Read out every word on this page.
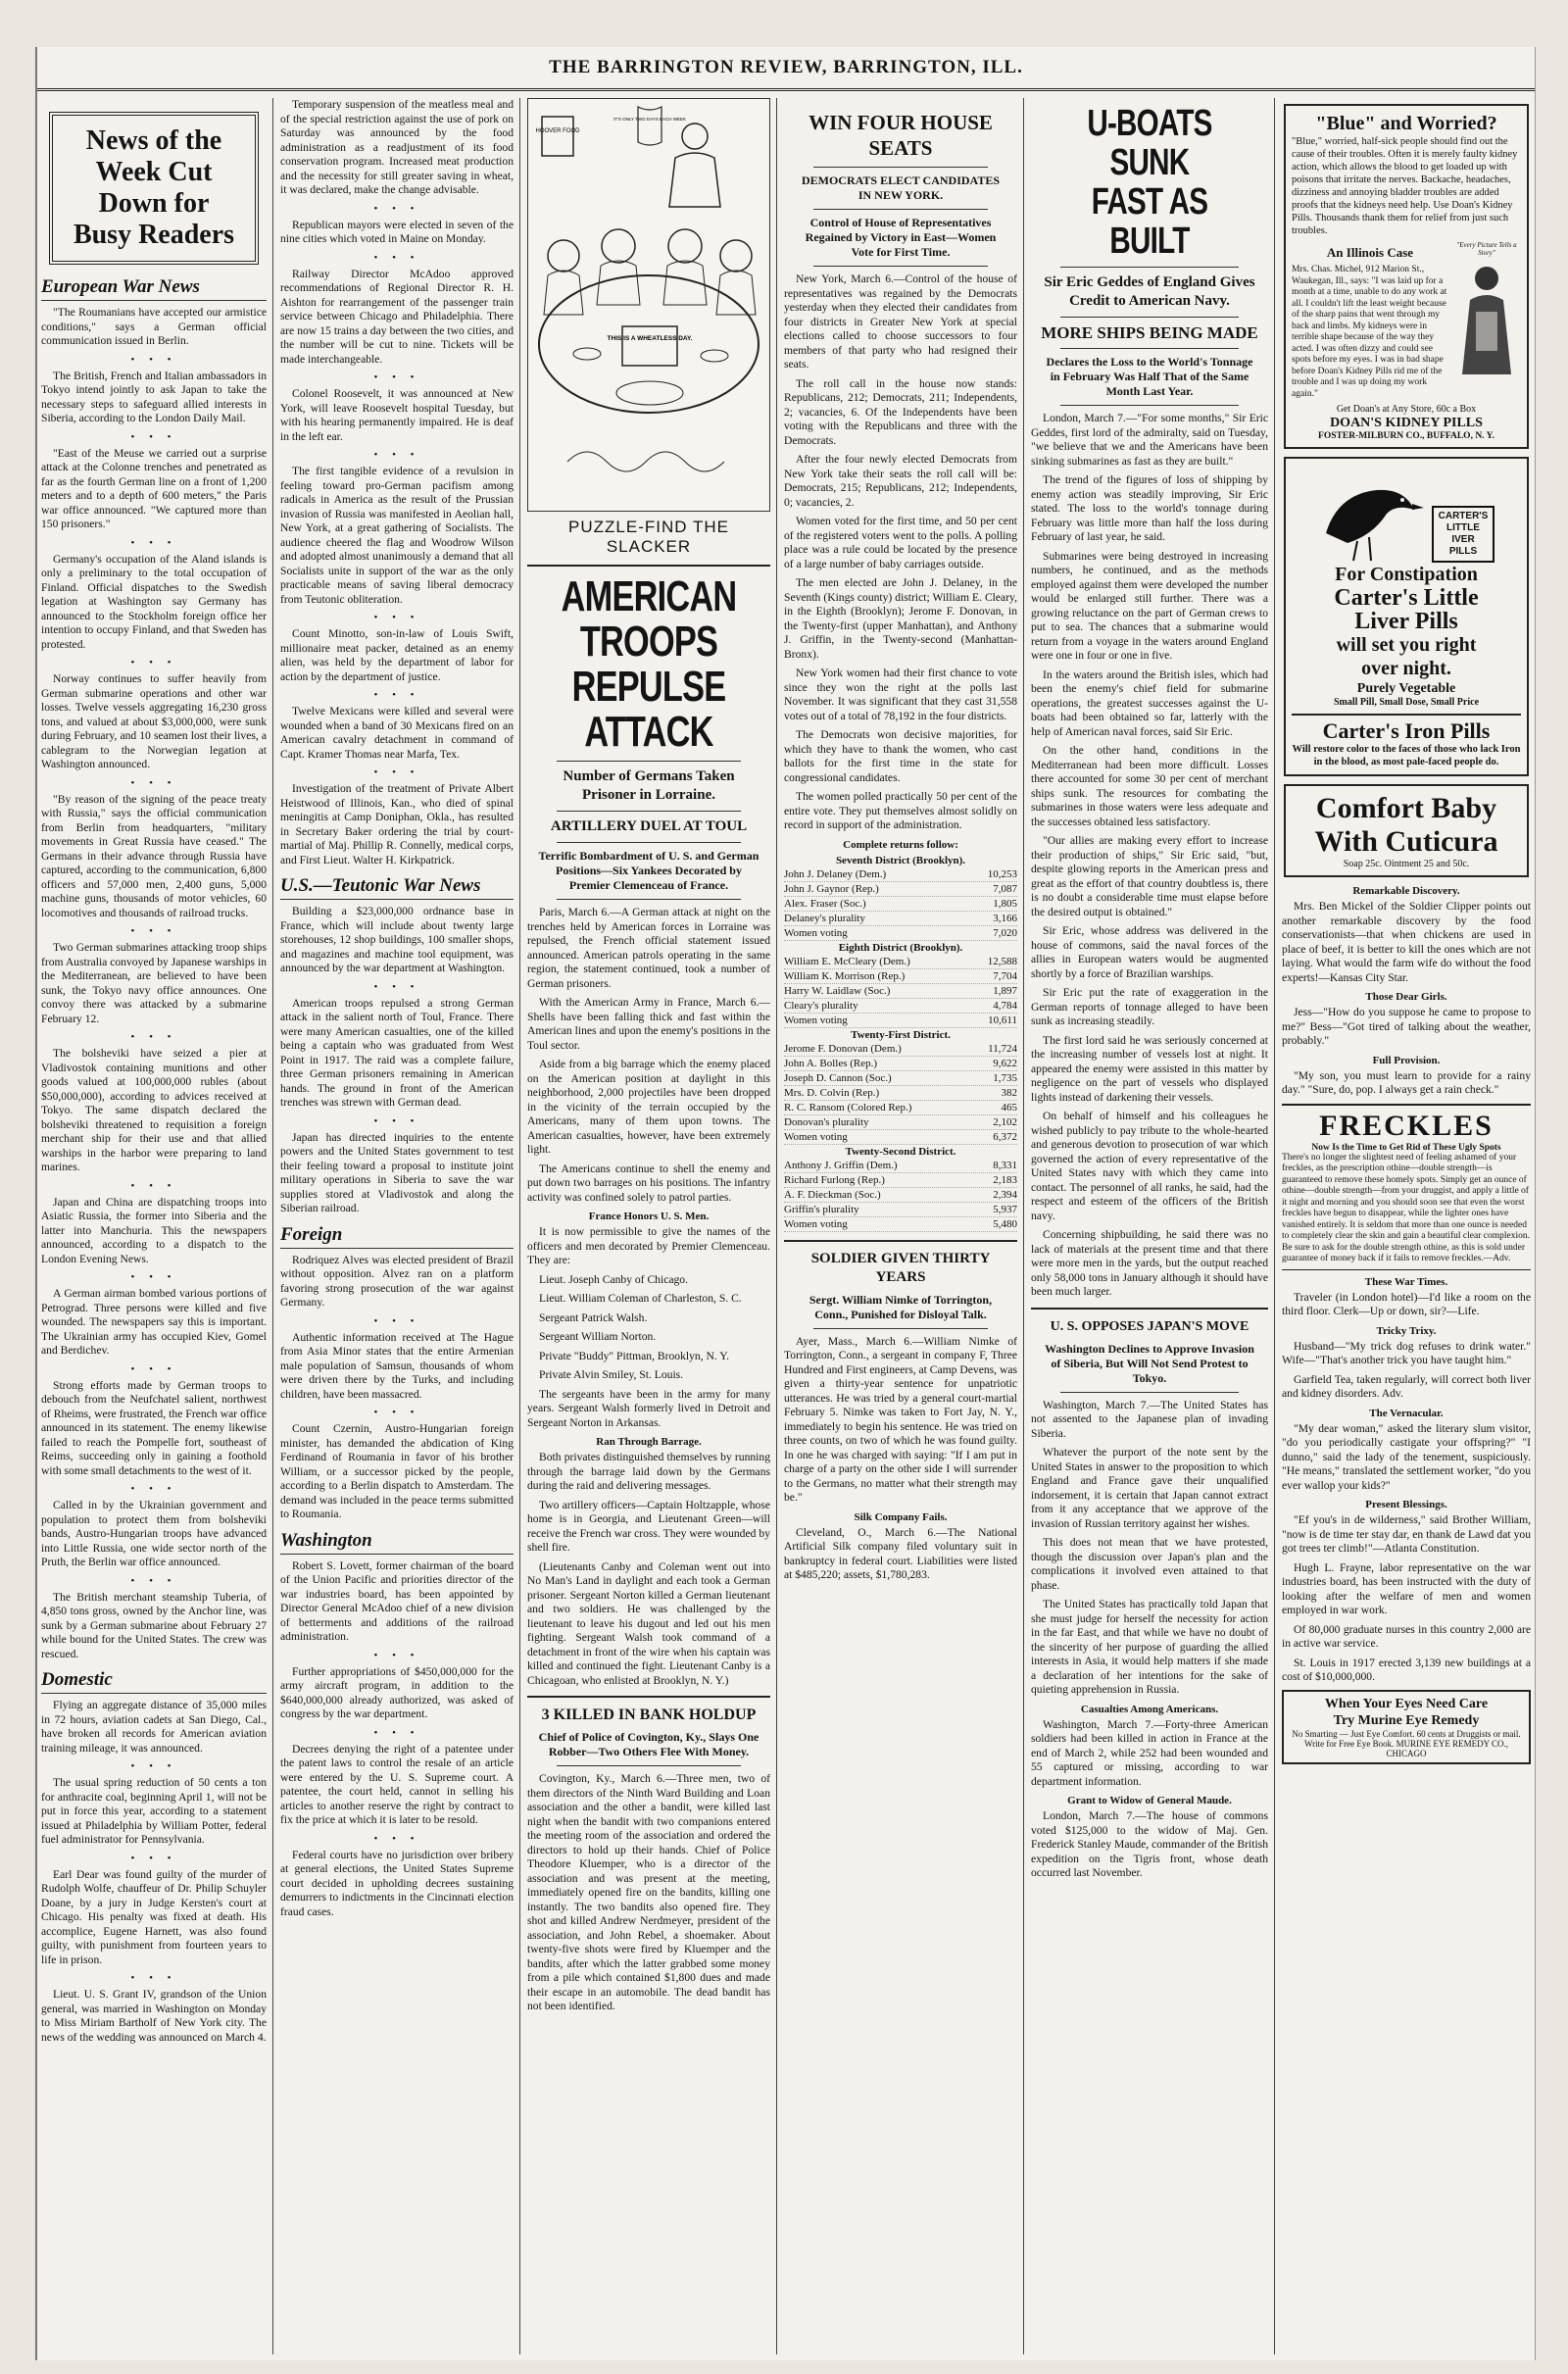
THE BARRINGTON REVIEW, BARRINGTON, ILL.
News of the
Week Cut
Down for
Busy Readers
European War News

"The Roumanians have accepted our armistice conditions," says a German official communication issued in Berlin.

• • •

The British, French and Italian ambassadors in Tokyo intend jointly to ask Japan to take the necessary steps to safeguard allied interests in Siberia, according to the London Daily Mail.

• • •

"East of the Meuse we carried out a surprise attack at the Colonne trenches and penetrated as far as the fourth German line on a front of 1,200 meters and to a depth of 600 meters," the Paris war office announced. "We captured more than 150 prisoners."

• • •

Germany's occupation of the Aland islands is only a preliminary to the total occupation of Finland. Official dispatches to the Swedish legation at Washington say Germany has announced to the Stockholm foreign office her intention to occupy Finland, and that Sweden has protested.

• • •

Norway continues to suffer heavily from German submarine operations and other war losses. Twelve vessels aggregating 16,230 gross tons, and valued at about $3,000,000, were sunk during February, and 10 seamen lost their lives, a cablegram to the Norwegian legation at Washington announced.

• • •

"By reason of the signing of the peace treaty with Russia," says the official communication from Berlin from headquarters, "military movements in Great Russia have ceased." The Germans in their advance through Russia have captured, according to the communication, 6,800 officers and 57,000 men, 2,400 guns, 5,000 machine guns, thousands of motor vehicles, 60 locomotives and thousands of railroad trucks.

• • •

Two German submarines attacking troop ships from Australia convoyed by Japanese warships in the Mediterranean, are believed to have been sunk, the Tokyo navy office announces. One convoy there was attacked by a submarine February 12.

• • •

The bolsheviki have seized a pier at Vladivostok containing munitions and other goods valued at 100,000,000 rubles (about $50,000,000), according to advices received at Tokyo. The same dispatch declared the bolsheviki threatened to requisition a foreign merchant ship for their use and that allied warships in the harbor were preparing to land marines.

• • •

Japan and China are dispatching troops into Asiatic Russia, the former into Siberia and the latter into Manchuria. This the newspapers announced, according to a dispatch to the London Evening News.

• • •

A German airman bombed various portions of Petrograd. Three persons were killed and five wounded. The newspapers say this is important. The Ukrainian army has occupied Kiev, Gomel and Berdichev.

• • •

Strong efforts made by German troops to debouch from the Neufchatel salient, northwest of Rheims, were frustrated, the French war office announced in its statement. The enemy likewise failed to reach the Pompelle fort, southeast of Reims, succeeding only in gaining a foothold with some small detachments to the west of it.

• • •

Called in by the Ukrainian government and population to protect them from bolsheviki bands, Austro-Hungarian troops have advanced into Little Russia, one wide sector north of the Pruth, the Berlin war office announced.

• • •

The British merchant steamship Tuberia, of 4,850 tons gross, owned by the Anchor line, was sunk by a German submarine about February 27 while bound for the United States. The crew was rescued.

Domestic

Flying an aggregate distance of 35,000 miles in 72 hours, aviation cadets at San Diego, Cal., have broken all records for American aviation training mileage, it was announced.

• • •

The usual spring reduction of 50 cents a ton for anthracite coal, beginning April 1, will not be put in force this year, according to a statement issued at Philadelphia by William Potter, federal fuel administrator for Pennsylvania.

• • •

Earl Dear was found guilty of the murder of Rudolph Wolfe, chauffeur of Dr. Philip Schuyler Doane, by a jury in Judge Kersten's court at Chicago. His penalty was fixed at death. His accomplice, Eugene Harnett, was also found guilty, with punishment from fourteen years to life in prison.

• • •

Lieut. U. S. Grant IV, grandson of the Union general, was married in Washington on Monday to Miss Miriam Bartholf of New York city. The news of the wedding was announced on March 4.

Temporary suspension of the meatless meal and of the special restriction against the use of pork on Saturday was announced by the food administration as a readjustment of its food conservation program. Increased meat production and the necessity for still greater saving in wheat, it was declared, make the change advisable.

• • •

Republican mayors were elected in seven of the nine cities which voted in Maine on Monday.

• • •

Railway Director McAdoo approved recommendations of Regional Director R. H. Aishton for rearrangement of the passenger train service between Chicago and Philadelphia. There are now 15 trains a day between the two cities, and the number will be cut to nine. Tickets will be made interchangeable.

• • •

Colonel Roosevelt, it was announced at New York, will leave Roosevelt hospital Tuesday, but with his hearing permanently impaired. He is deaf in the left ear.

• • •

The first tangible evidence of a revulsion in feeling toward pro-German pacifism among radicals in America as the result of the Prussian invasion of Russia was manifested in Aeolian hall, New York, at a great gathering of Socialists. The audience cheered the flag and Woodrow Wilson and adopted almost unanimously a demand that all Socialists unite in support of the war as the only practicable means of saving liberal democracy from Teutonic obliteration.

• • •

Count Minotto, son-in-law of Louis Swift, millionaire meat packer, detained as an enemy alien, was held by the department of labor for action by the department of justice.

• • •

Twelve Mexicans were killed and several were wounded when a band of 30 Mexicans fired on an American cavalry detachment in command of Capt. Kramer Thomas near Marfa, Tex.

• • •

Investigation of the treatment of Private Albert Heistwood of Illinois, Kan., who died of spinal meningitis at Camp Doniphan, Okla., has resulted in Secretary Baker ordering the trial by court-martial of Maj. Phillip R. Connelly, medical corps, and First Lieut. Walter H. Kirkpatrick.

U.S.—Teutonic War News

Building a $23,000,000 ordnance base in France, which will include about twenty large storehouses, 12 shop buildings, 100 smaller shops, and magazines and machine tool equipment, was announced by the war department at Washington.

• • •

American troops repulsed a strong German attack in the salient north of Toul, France. There were many American casualties, one of the killed being a captain who was graduated from West Point in 1917. The raid was a complete failure, three German prisoners remaining in American hands. The ground in front of the American trenches was strewn with German dead.

• • •

Japan has directed inquiries to the entente powers and the United States government to test their feeling toward a proposal to institute joint military operations in Siberia to save the war supplies stored at Vladivostok and along the Siberian railroad.

Foreign

Rodriquez Alves was elected president of Brazil without opposition. Alvez ran on a platform favoring strong prosecution of the war against Germany.

• • •

Authentic information received at The Hague from Asia Minor states that the entire Armenian male population of Samsun, thousands of whom were driven there by the Turks, and including children, have been massacred.

• • •

Count Czernin, Austro-Hungarian foreign minister, has demanded the abdication of King Ferdinand of Roumania in favor of his brother William, or a successor picked by the people, according to a Berlin dispatch to Amsterdam. The demand was included in the peace terms submitted to Roumania.

Washington

Robert S. Lovett, former chairman of the board of the Union Pacific and priorities director of the war industries board, has been appointed by Director General McAdoo chief of a new division of betterments and additions of the railroad administration.

• • •

Further appropriations of $450,000,000 for the army aircraft program, in addition to the $640,000,000 already authorized, was asked of congress by the war department.

• • •

Decrees denying the right of a patentee under the patent laws to control the resale of an article were entered by the U. S. Supreme court. A patentee, the court held, cannot in selling his articles to another reserve the right by contract to fix the price at which it is later to be resold.

• • •

Federal courts have no jurisdiction over bribery at general elections, the United States Supreme court decided in upholding decrees sustaining demurrers to indictments in the Cincinnati election fraud cases.

HOOVER FOOD
IT'S ONLY TWO DAYS EACH WEEK
THIS IS A WHEATLESS DAY.
PUZZLE-FIND THE SLACKER
AMERICAN TROOPS
REPULSE ATTACK
Number of Germans Taken Prisoner in Lorraine.
ARTILLERY DUEL AT TOUL
Terrific Bombardment of U. S. and German Positions—Six Yankees Decorated by Premier Clemenceau of France.

Paris, March 6.—A German attack at night on the trenches held by American forces in Lorraine was repulsed, the French official statement issued announced. American patrols operating in the same region, the statement continued, took a number of German prisoners.

With the American Army in France, March 6.—Shells have been falling thick and fast within the American lines and upon the enemy's positions in the Toul sector.

Aside from a big barrage which the enemy placed on the American position at daylight in this neighborhood, 2,000 projectiles have been dropped in the vicinity of the terrain occupied by the Americans, many of them upon towns. The American casualties, however, have been extremely light.

The Americans continue to shell the enemy and put down two barrages on his positions. The infantry activity was confined solely to patrol parties.

France Honors U. S. Men.

It is now permissible to give the names of the officers and men decorated by Premier Clemenceau. They are:

Lieut. Joseph Canby of Chicago.

Lieut. William Coleman of Charleston, S. C.

Sergeant Patrick Walsh.

Sergeant William Norton.

Private "Buddy" Pittman, Brooklyn, N. Y.

Private Alvin Smiley, St. Louis.

The sergeants have been in the army for many years. Sergeant Walsh formerly lived in Detroit and Sergeant Norton in Arkansas.

Ran Through Barrage.

Both privates distinguished themselves by running through the barrage laid down by the Germans during the raid and delivering messages.

Two artillery officers—Captain Holtzapple, whose home is in Georgia, and Lieutenant Green—will receive the French war cross. They were wounded by shell fire.

(Lieutenants Canby and Coleman went out into No Man's Land in daylight and each took a German prisoner. Sergeant Norton killed a German lieutenant and two soldiers. He was challenged by the lieutenant to leave his dugout and led out his men fighting. Sergeant Walsh took command of a detachment in front of the wire when his captain was killed and continued the fight. Lieutenant Canby is a Chicagoan, who enlisted at Brooklyn, N. Y.)

3 KILLED IN BANK HOLDUP
Chief of Police of Covington, Ky., Slays One Robber—Two Others Flee With Money.

Covington, Ky., March 6.—Three men, two of them directors of the Ninth Ward Building and Loan association and the other a bandit, were killed last night when the bandit with two companions entered the meeting room of the association and ordered the directors to hold up their hands. Chief of Police Theodore Kluemper, who is a director of the association and was present at the meeting, immediately opened fire on the bandits, killing one instantly. The two bandits also opened fire. They shot and killed Andrew Nerdmeyer, president of the association, and John Rebel, a shoemaker. About twenty-five shots were fired by Kluemper and the bandits, after which the latter grabbed some money from a pile which contained $1,800 dues and made their escape in an automobile. The dead bandit has not been identified.

WIN FOUR HOUSE SEATS
DEMOCRATS ELECT CANDIDATES IN NEW YORK.
Control of House of Representatives Regained by Victory in East—Women Vote for First Time.

New York, March 6.—Control of the house of representatives was regained by the Democrats yesterday when they elected their candidates from four districts in Greater New York at special elections called to choose successors to four members of that party who had resigned their seats.

The roll call in the house now stands: Republicans, 212; Democrats, 211; Independents, 2; vacancies, 6. Of the Independents have been voting with the Republicans and three with the Democrats.

After the four newly elected Democrats from New York take their seats the roll call will be: Democrats, 215; Republicans, 212; Independents, 0; vacancies, 2.

Women voted for the first time, and 50 per cent of the registered voters went to the polls. A polling place was a rule could be located by the presence of a large number of baby carriages outside.

The men elected are John J. Delaney, in the Seventh (Kings county) district; William E. Cleary, in the Eighth (Brooklyn); Jerome F. Donovan, in the Twenty-first (upper Manhattan), and Anthony J. Griffin, in the Twenty-second (Manhattan-Bronx).

New York women had their first chance to vote since they won the right at the polls last November. It was significant that they cast 31,558 votes out of a total of 78,192 in the four districts.

The Democrats won decisive majorities, for which they have to thank the women, who cast ballots for the first time in the state for congressional candidates.

The women polled practically 50 per cent of the entire vote. They put themselves almost solidly on record in support of the administration.

Complete returns follow:
Seventh District (Brooklyn).
John J. Delaney (Dem.)	10,253
John J. Gaynor (Rep.)	7,087
Alex. Fraser (Soc.)	1,805
Delaney's plurality	3,166
Women voting	7,020
Eighth District (Brooklyn).
William E. McCleary (Dem.)	12,588
William K. Morrison (Rep.)	7,704
Harry W. Laidlaw (Soc.)	1,897
Cleary's plurality	4,784
Women voting	10,611
Twenty-First District.
Jerome F. Donovan (Dem.)	11,724
John A. Bolles (Rep.)	9,622
Joseph D. Cannon (Soc.)	1,735
Mrs. D. Colvin (Rep.)	382
R. C. Ransom (Colored Rep.)	465
Donovan's plurality	2,102
Women voting	6,372
Twenty-Second District.
Anthony J. Griffin (Dem.)	8,331
Richard Furlong (Rep.)	2,183
A. F. Dieckman (Soc.)	2,394
Griffin's plurality	5,937
Women voting	5,480
SOLDIER GIVEN THIRTY YEARS
Sergt. William Nimke of Torrington, Conn., Punished for Disloyal Talk.

Ayer, Mass., March 6.—William Nimke of Torrington, Conn., a sergeant in company F, Three Hundred and First engineers, at Camp Devens, was given a thirty-year sentence for unpatriotic utterances. He was tried by a general court-martial February 5. Nimke was taken to Fort Jay, N. Y., immediately to begin his sentence. He was tried on three counts, on two of which he was found guilty. In one he was charged with saying: "If I am put in charge of a party on the other side I will surrender to the Germans, no matter what their strength may be."

Silk Company Fails.

Cleveland, O., March 6.—The National Artificial Silk company filed voluntary suit in bankruptcy in federal court. Liabilities were listed at $485,220; assets, $1,780,283.

U-BOATS SUNK
FAST AS BUILT
Sir Eric Geddes of England Gives Credit to American Navy.
MORE SHIPS BEING MADE
Declares the Loss to the World's Tonnage in February Was Half That of the Same Month Last Year.

London, March 7.—"For some months," Sir Eric Geddes, first lord of the admiralty, said on Tuesday, "we believe that we and the Americans have been sinking submarines as fast as they are built."

The trend of the figures of loss of shipping by enemy action was steadily improving, Sir Eric stated. The loss to the world's tonnage during February was little more than half the loss during February of last year, he said.

Submarines were being destroyed in increasing numbers, he continued, and as the methods employed against them were developed the number would be enlarged still further. There was a growing reluctance on the part of German crews to put to sea. The chances that a submarine would return from a voyage in the waters around England were one in four or one in five.

In the waters around the British isles, which had been the enemy's chief field for submarine operations, the greatest successes against the U-boats had been obtained so far, latterly with the help of American naval forces, said Sir Eric.

On the other hand, conditions in the Mediterranean had been more difficult. Losses there accounted for some 30 per cent of merchant ships sunk. The resources for combating the submarines in those waters were less adequate and the successes obtained less satisfactory.

"Our allies are making every effort to increase their production of ships," Sir Eric said, "but, despite glowing reports in the American press and great as the effort of that country doubtless is, there is no doubt a considerable time must elapse before the desired output is obtained."

Sir Eric, whose address was delivered in the house of commons, said the naval forces of the allies in European waters would be augmented shortly by a force of Brazilian warships.

Sir Eric put the rate of exaggeration in the German reports of tonnage alleged to have been sunk as increasing steadily.

The first lord said he was seriously concerned at the increasing number of vessels lost at night. It appeared the enemy were assisted in this matter by negligence on the part of vessels who displayed lights instead of darkening their vessels.

On behalf of himself and his colleagues he wished publicly to pay tribute to the whole-hearted and generous devotion to prosecution of war which governed the action of every representative of the United States navy with which they came into contact. The personnel of all ranks, he said, had the respect and esteem of the officers of the British navy.

Concerning shipbuilding, he said there was no lack of materials at the present time and that there were more men in the yards, but the output reached only 58,000 tons in January although it should have been much larger.

U. S. OPPOSES JAPAN'S MOVE
Washington Declines to Approve Invasion of Siberia, But Will Not Send Protest to Tokyo.

Washington, March 7.—The United States has not assented to the Japanese plan of invading Siberia.

Whatever the purport of the note sent by the United States in answer to the proposition to which England and France gave their unqualified indorsement, it is certain that Japan cannot extract from it any acceptance that we approve of the invasion of Russian territory against her wishes.

This does not mean that we have protested, though the discussion over Japan's plan and the complications it involved even attained to that phase.

The United States has practically told Japan that she must judge for herself the necessity for action in the far East, and that while we have no doubt of the sincerity of her purpose of guarding the allied interests in Asia, it would help matters if she made a declaration of her intentions for the sake of quieting apprehension in Russia.

Casualties Among Americans.

Washington, March 7.—Forty-three American soldiers had been killed in action in France at the end of March 2, while 252 had been wounded and 55 captured or missing, according to war department information.

Grant to Widow of General Maude.

London, March 7.—The house of commons voted $125,000 to the widow of Maj. Gen. Frederick Stanley Maude, commander of the British expedition on the Tigris front, whose death occurred last November.

"Blue" and Worried?
"Blue," worried, half-sick people should find out the cause of their troubles. Often it is merely faulty kidney action, which allows the blood to get loaded up with poisons that irritate the nerves. Backache, headaches, dizziness and annoying bladder troubles are added proofs that the kidneys need help. Use Doan's Kidney Pills. Thousands thank them for relief from just such troubles.
An Illinois Case
Mrs. Chas. Michel, 912 Marion St., Waukegan, Ill., says: "I was laid up for a month at a time, unable to do any work at all. I couldn't lift the least weight because of the sharp pains that went through my back and limbs. My kidneys were in terrible shape because of the way they acted. I was often dizzy and could see spots before my eyes. I was in bad shape before Doan's Kidney Pills rid me of the trouble and I was up doing my work again."
"Every Picture Tells a Story"
Get Doan's at Any Store, 60c a Box
DOAN'S KIDNEY PILLS
FOSTER-MILBURN CO., BUFFALO, N. Y.
CARTER'S
LITTLE
IVER
PILLS
For Constipation
Carter's Little
Liver Pills
will set you right
over night.
Purely Vegetable
Small Pill, Small Dose, Small Price
Carter's Iron Pills
Will restore color to the faces of those who lack Iron in the blood, as most pale-faced people do.
Comfort Baby
With Cuticura
Soap 25c. Ointment 25 and 50c.
Remarkable Discovery.

Mrs. Ben Mickel of the Soldier Clipper points out another remarkable discovery by the food conservationists—that when chickens are used in place of beef, it is better to kill the ones which are not laying. What would the farm wife do without the food experts!—Kansas City Star.

Those Dear Girls.

Jess—"How do you suppose he came to propose to me?" Bess—"Got tired of talking about the weather, probably."

Full Provision.

"My son, you must learn to provide for a rainy day." "Sure, do, pop. I always get a rain check."

FRECKLES
Now Is the Time to Get Rid of These Ugly Spots
There's no longer the slightest need of feeling ashamed of your freckles, as the prescription othine—double strength—is guaranteed to remove these homely spots. Simply get an ounce of othine—double strength—from your druggist, and apply a little of it night and morning and you should soon see that even the worst freckles have begun to disappear, while the lighter ones have vanished entirely. It is seldom that more than one ounce is needed to completely clear the skin and gain a beautiful clear complexion. Be sure to ask for the double strength othine, as this is sold under guarantee of money back if it fails to remove freckles.—Adv.
These War Times.

Traveler (in London hotel)—I'd like a room on the third floor. Clerk—Up or down, sir?—Life.

Tricky Trixy.

Husband—"My trick dog refuses to drink water." Wife—"That's another trick you have taught him."

Garfield Tea, taken regularly, will correct both liver and kidney disorders. Adv.

The Vernacular.

"My dear woman," asked the literary slum visitor, "do you periodically castigate your offspring?" "I dunno," said the lady of the tenement, suspiciously. "He means," translated the settlement worker, "do you ever wallop your kids?"

Present Blessings.

"Ef you's in de wilderness," said Brother William, "now is de time ter stay dar, en thank de Lawd dat you got trees ter climb!"—Atlanta Constitution.

Hugh L. Frayne, labor representative on the war industries board, has been instructed with the duty of looking after the welfare of men and women employed in war work.

Of 80,000 graduate nurses in this country 2,000 are in active war service.

St. Louis in 1917 erected 3,139 new buildings at a cost of $10,000,000.

When Your Eyes Need Care
Try Murine Eye Remedy
No Smarting — Just Eye Comfort. 60 cents at Druggists or mail. Write for Free Eye Book. MURINE EYE REMEDY CO., CHICAGO
